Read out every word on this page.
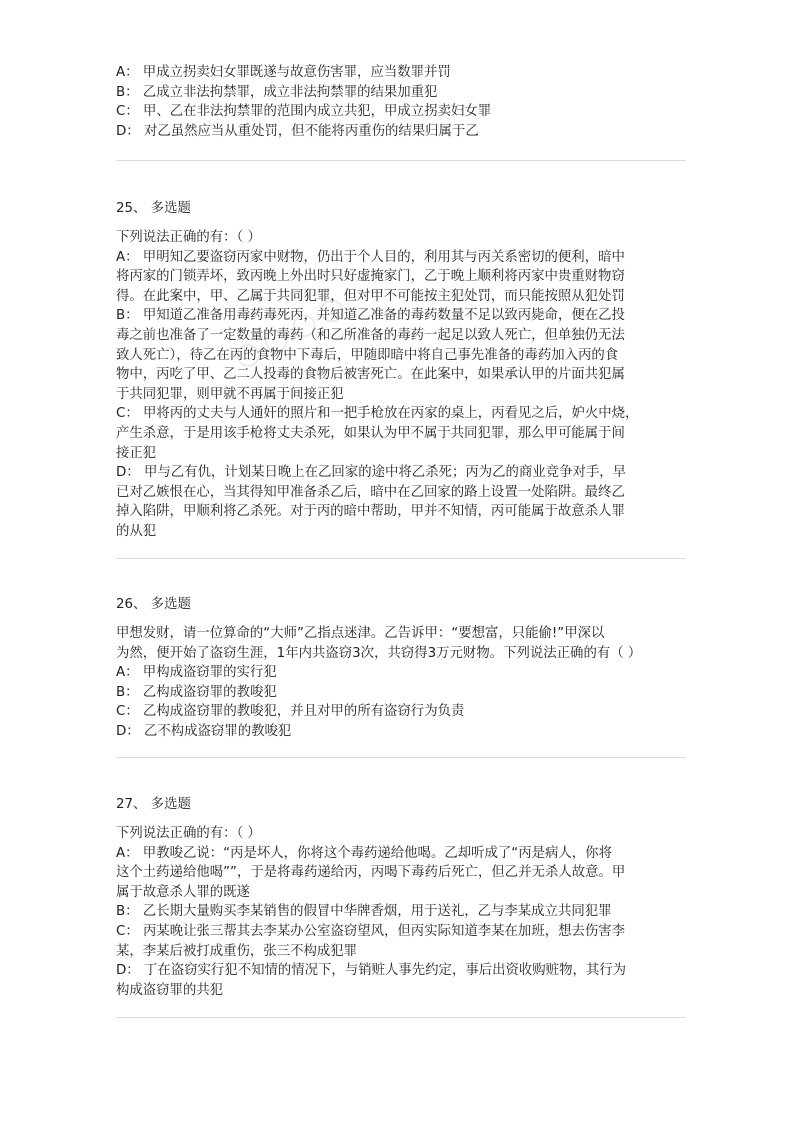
◯ ◯ ◯ ◯
A： 甲成立拐卖妇女罪既遂与故意伤害罪，应当数罪并罚
B： 乙成立非法拘禁罪，成立非法拘禁罪的结果加重犯
C： 甲、乙在非法拘禁罪的范围内成立共犯，甲成立拐卖妇女罪
D： 对乙虽然应当从重处罚，但不能将丙重伤的结果归属于乙
25、 多选题
下列说法正确的有：（ ）
A： 甲明知乙要盗窃丙家中财物，仍出于个人目的，利用其与丙关系密切的便利，暗中
将丙家的门锁弄坏，致丙晚上外出时只好虚掩家门，乙于晚上顺利将丙家中贵重财物窃
得。在此案中，甲、乙属于共同犯罪，但对甲不可能按主犯处罚，而只能按照从犯处罚
B： 甲知道乙准备用毒药毒死丙，并知道乙准备的毒药数量不足以致丙毙命，便在乙投
毒之前也准备了一定数量的毒药（和乙所准备的毒药一起足以致人死亡，但单独仍无法
致人死亡），待乙在丙的食物中下毒后，甲随即暗中将自己事先准备的毒药加入丙的食
物中，丙吃了甲、乙二人投毒的食物后被害死亡。在此案中，如果承认甲的片面共犯属
于共同犯罪，则甲就不再属于间接正犯
C： 甲将丙的丈夫与人通奸的照片和一把手枪放在丙家的桌上，丙看见之后，妒火中烧，
产生杀意，于是用该手枪将丈夫杀死，如果认为甲不属于共同犯罪，那么甲可能属于间
接正犯
D： 甲与乙有仇，计划某日晚上在乙回家的途中将乙杀死；丙为乙的商业竞争对手，早
已对乙嫉恨在心，当其得知甲准备杀乙后，暗中在乙回家的路上设置一处陷阱。最终乙
掉入陷阱，甲顺利将乙杀死。对于丙的暗中帮助，甲并不知情，丙可能属于故意杀人罪
的从犯
26、 多选题
甲想发财，请一位算命的“大师”乙指点迷津。乙告诉甲：“要想富，只能偷!”甲深以
为然，便开始了盗窃生涯，1年内共盗窃3次，共窃得3万元财物。下列说法正确的有（ ）
A： 甲构成盗窃罪的实行犯
B： 乙构成盗窃罪的教唆犯
C： 乙构成盗窃罪的教唆犯，并且对甲的所有盗窃行为负责
D： 乙不构成盗窃罪的教唆犯
27、 多选题
下列说法正确的有：（ ）
A： 甲教唆乙说：“丙是坏人，你将这个毒药递给他喝。乙却听成了“丙是病人，你将
这个土药递给他喝””，于是将毒药递给丙，丙喝下毒药后死亡，但乙并无杀人故意。甲
属于故意杀人罪的既遂
B： 乙长期大量购买李某销售的假冒中华牌香烟，用于送礼，乙与李某成立共同犯罪
C： 丙某晚让张三帮其去李某办公室盗窃望风，但丙实际知道李某在加班，想去伤害李
某，李某后被打成重伤，张三不构成犯罪
D： 丁在盗窃实行犯不知情的情况下，与销赃人事先约定，事后出资收购赃物，其行为
构成盗窃罪的共犯
